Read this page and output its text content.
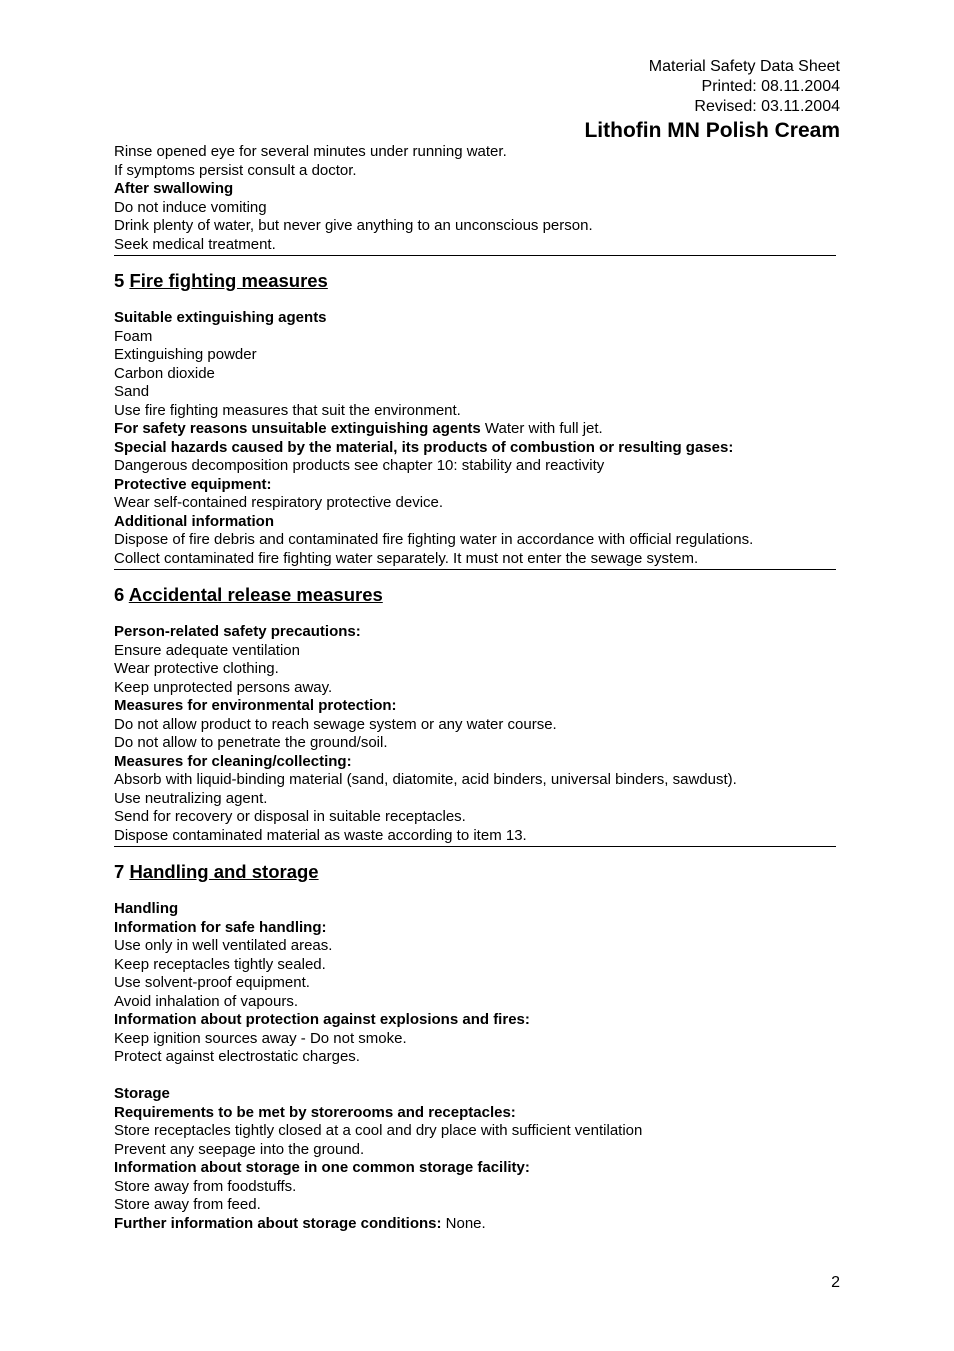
Material Safety Data Sheet
Printed: 08.11.2004
Revised: 03.11.2004
Lithofin MN Polish Cream
Rinse opened eye for several minutes under running water.
If symptoms persist consult a doctor.
After swallowing
Do not induce vomiting
Drink plenty of water, but never give anything to an unconscious person.
Seek medical treatment.
5 Fire fighting measures
Suitable extinguishing agents
Foam
Extinguishing powder
Carbon dioxide
Sand
Use fire fighting measures that suit the environment.
For safety reasons unsuitable extinguishing agents Water with full jet.
Special hazards caused by the material, its products of combustion or resulting gases:
Dangerous decomposition products see chapter 10: stability and reactivity
Protective equipment:
Wear self-contained respiratory protective device.
Additional information
Dispose of fire debris and contaminated fire fighting water in accordance with official regulations.
Collect contaminated fire fighting water separately. It must not enter the sewage system.
6 Accidental release measures
Person-related safety precautions:
Ensure adequate ventilation
Wear protective clothing.
Keep unprotected persons away.
Measures for environmental protection:
Do not allow product to reach sewage system or any water course.
Do not allow to penetrate the ground/soil.
Measures for cleaning/collecting:
Absorb with liquid-binding material (sand, diatomite, acid binders, universal binders, sawdust).
Use neutralizing agent.
Send for recovery or disposal in suitable receptacles.
Dispose contaminated material as waste according to item 13.
7 Handling and storage
Handling
Information for safe handling:
Use only in well ventilated areas.
Keep receptacles tightly sealed.
Use solvent-proof equipment.
Avoid inhalation of vapours.
Information about protection against explosions and fires:
Keep ignition sources away - Do not smoke.
Protect against electrostatic charges.
Storage
Requirements to be met by storerooms and receptacles:
Store receptacles tightly closed at a cool and dry place with sufficient ventilation
Prevent any seepage into the ground.
Information about storage in one common storage facility:
Store away from foodstuffs.
Store away from feed.
Further information about storage conditions: None.
2
